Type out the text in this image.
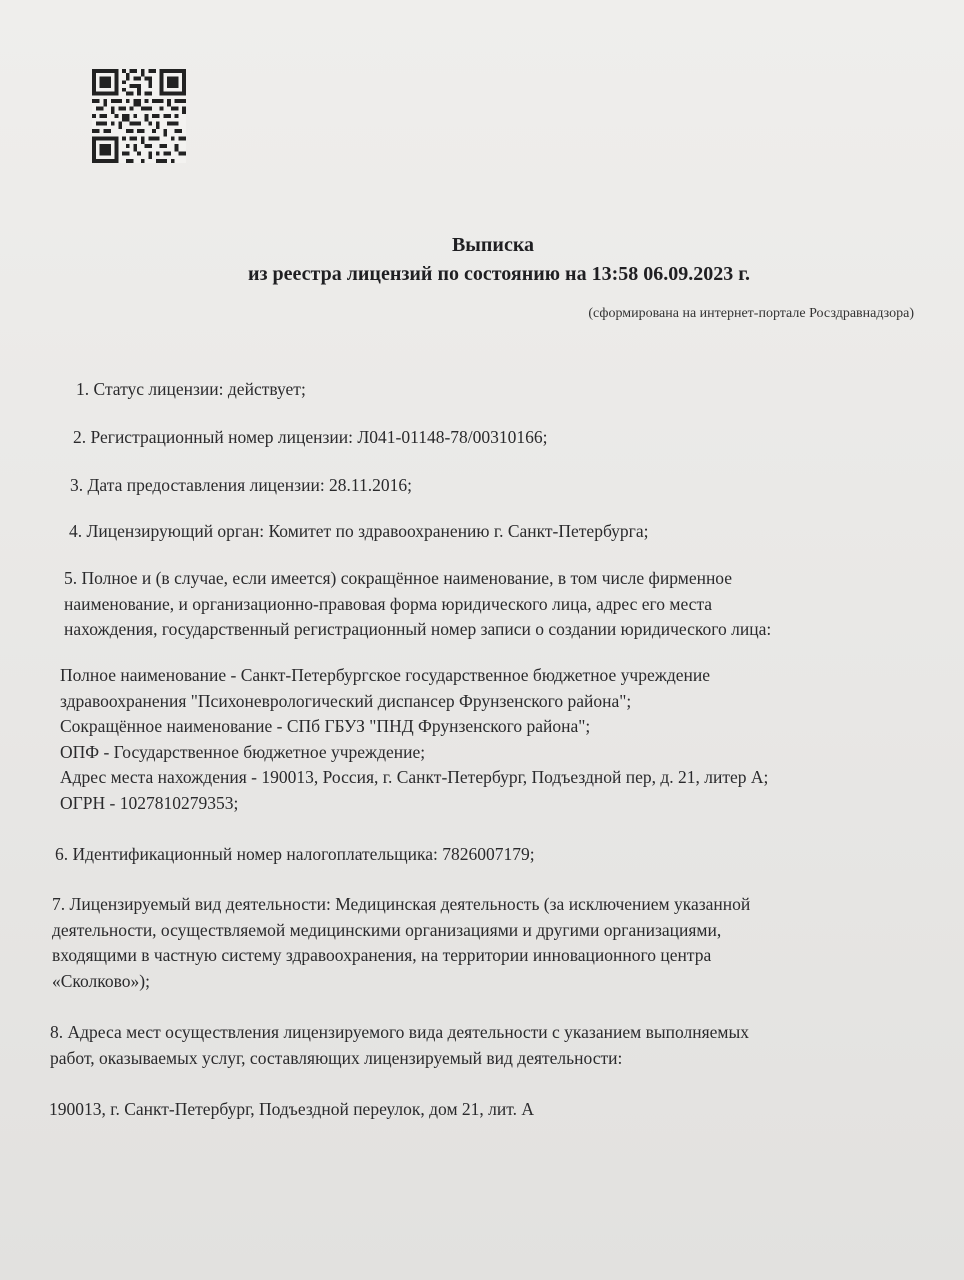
Выписка
из реестра лицензий по состоянию на 13:58 06.09.2023 г.
(сформирована на интернет-портале Росздравнадзора)
1. Статус лицензии: действует;
2. Регистрационный номер лицензии: Л041-01148-78/00310166;
3. Дата предоставления лицензии: 28.11.2016;
4. Лицензирующий орган: Комитет по здравоохранению г. Санкт-Петербурга;
5. Полное и (в случае, если имеется) сокращённое наименование, в том числе фирменное
наименование, и организационно-правовая форма юридического лица, адрес его места
нахождения, государственный регистрационный номер записи о создании юридического лица:
Полное наименование - Санкт-Петербургское государственное бюджетное учреждение
здравоохранения "Психоневрологический диспансер Фрунзенского района";
Сокращённое наименование - СПб ГБУЗ "ПНД Фрунзенского района";
ОПФ - Государственное бюджетное учреждение;
Адрес места нахождения - 190013, Россия, г. Санкт-Петербург, Подъездной пер, д. 21, литер А;
ОГРН - 1027810279353;
6. Идентификационный номер налогоплательщика: 7826007179;
7. Лицензируемый вид деятельности: Медицинская деятельность (за исключением указанной
деятельности, осуществляемой медицинскими организациями и другими организациями,
входящими в частную систему здравоохранения, на территории инновационного центра
«Сколково»);
8. Адреса мест осуществления лицензируемого вида деятельности с указанием выполняемых
работ, оказываемых услуг, составляющих лицензируемый вид деятельности:
190013, г. Санкт-Петербург, Подъездной переулок, дом 21, лит. А
